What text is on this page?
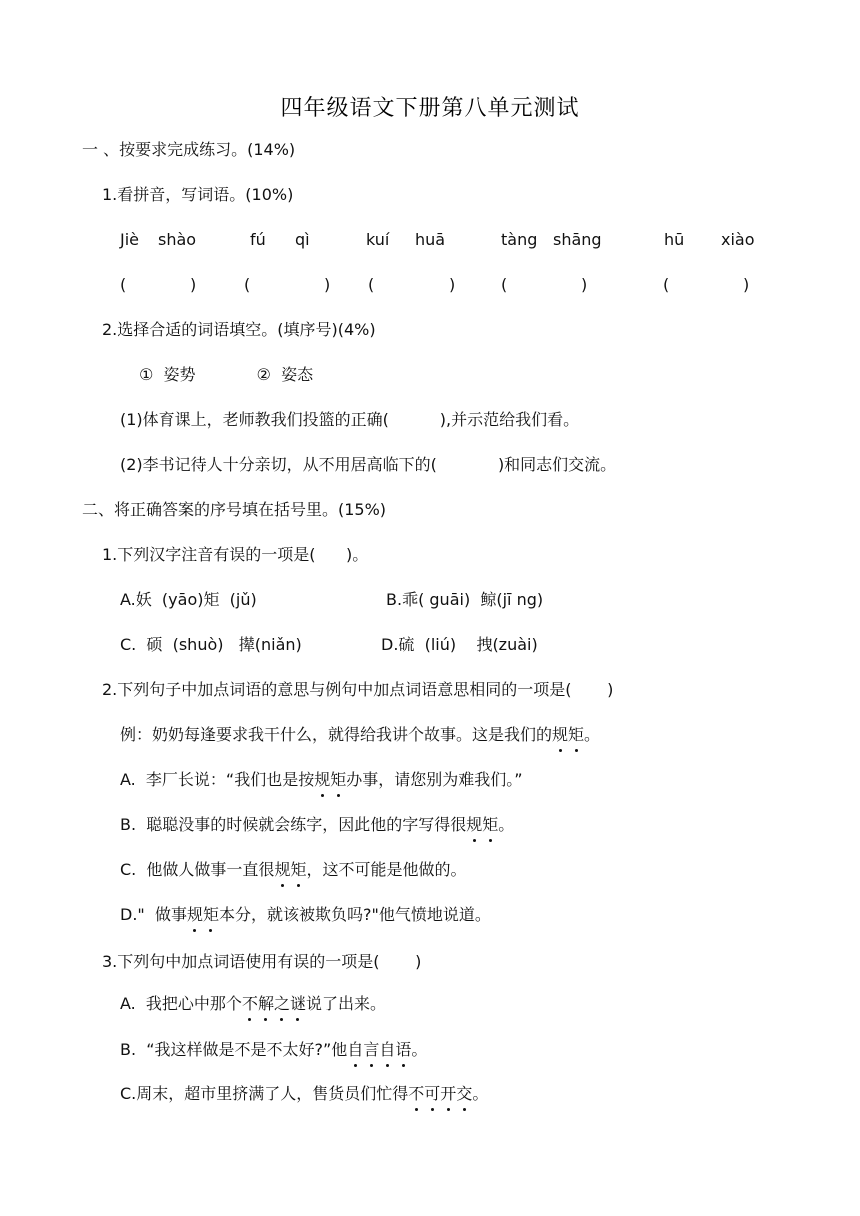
四年级语文下册第八单元测试
一 、按要求完成练习。(14%)
1.看拼音，写词语。(10%)
Jiè shào	fú qì	kuí huā	tàng shāng	hū xiào
(	)	(	) (	)	(	)	(	)
2.选择合适的词语填空。(填序号)(4%)
①  姿势            ②  姿态
(1)体育课上，老师教我们投篮的正确(          ),并示范给我们看。
(2)李书记待人十分亲切，从不用居高临下的(            )和同志们交流。
二、将正确答案的序号填在括号里。(15%)
1.下列汉字注音有误的一项是(      )。
A.妖  (yāo)矩  (jǔ)	B.乖( guāi)  鲸(jī ng)
C.  硕  (shuò)   撵(niǎn)	D.硫  (liú)    拽(zuài)
2.下列句子中加点词语的意思与例句中加点词语意思相同的一项是(       )
例：奶奶每逢要求我干什么，就得给我讲个故事。这是我们的规矩。
A.  李厂长说：“我们也是按规矩办事，请您别为难我们。”
B.  聪聪没事的时候就会练字，因此他的字写得很规矩。
C.  他做人做事一直很规矩，这不可能是他做的。
D."  做事规矩本分，就该被欺负吗?"他气愤地说道。
3.下列句中加点词语使用有误的一项是(       )
A.  我把心中那个不解之谜说了出来。
B.  “我这样做是不是不太好?”他自言自语。
C.周末，超市里挤满了人，售货员们忙得不可开交。
